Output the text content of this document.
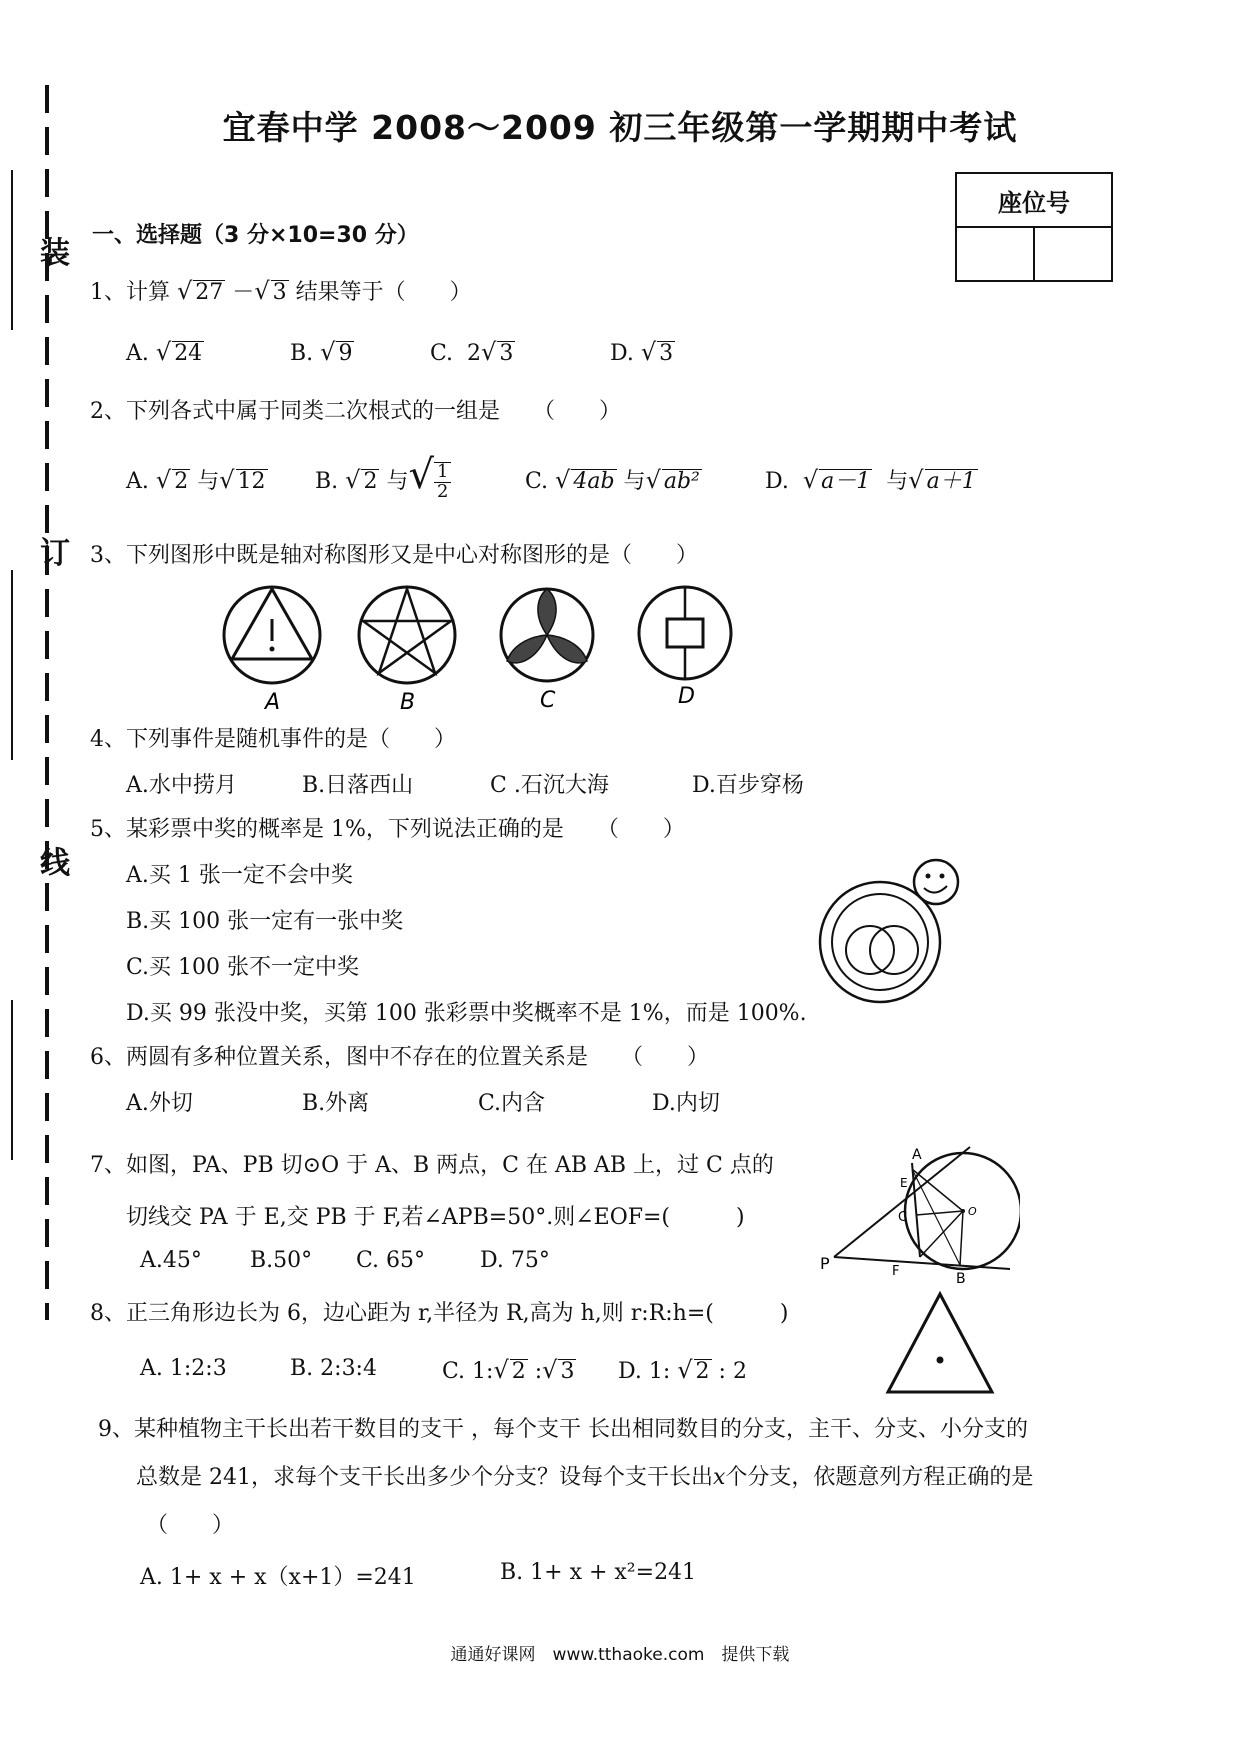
装
订
线
宜春中学 2008～2009 初三年级第一学期期中考试
座位号

一、选择题（3 分×10=30 分）
1、计算 √ 27 －√ 3 结果等于（　　）
A. √ 24	B. √ 9	C. 2√ 3	D. √ 3
2、下列各式中属于同类二次根式的一组是　　（　　）
A. √ 2 与√ 12 B. √ 2 与√ $\frac{1}{2}$	C. √ 4ab 与√ ab²	D. √ a－1 与√ a＋1
3、下列图形中既是轴对称图形又是中心对称图形的是（　　）
A	B	C	D
4、下列事件是随机事件的是（　　）
A.水中捞月	B.日落西山	C .石沉大海	D.百步穿杨
5、某彩票中奖的概率是 1%，下列说法正确的是　　（　　）
A.买 1 张一定不会中奖
B.买 100 张一定有一张中奖
C.买 100 张不一定中奖
D.买 99 张没中奖，买第 100 张彩票中奖概率不是 1%，而是 100%.
6、两圆有多种位置关系，图中不存在的位置关系是　　（　　）
A.外切	B.外离	C.内含	D.内切
7、如图，PA、PB 切⊙O 于 A、B 两点，C 在 AB AB 上，过 C 点的
切线交 PA 于 E,交 PB 于 F,若∠APB=50°.则∠EOF=(　　　)
A.45° B.50° C. 65° D. 75°
A
E
C	O
P	F	B
8、正三角形边长为 6，边心距为 r,半径为 R,高为 h,则 r:R:h=(　　　)
A. 1:2:3	B. 2:3:4	C. 1:√ 2 :√ 3 D. 1: √ 2 : 2
9、某种植物主干长出若干数目的支干 ，每个支干 长出相同数目的分支，主干、分支、小分支的
总数是 241，求每个支干长出多少个分支？设每个支干长出x个分支，依题意列方程正确的是
（　　）
A. 1+ x + x（x+1）=241	B. 1+ x + x²=241
通通好课网　www.tthaoke.com　提供下载
